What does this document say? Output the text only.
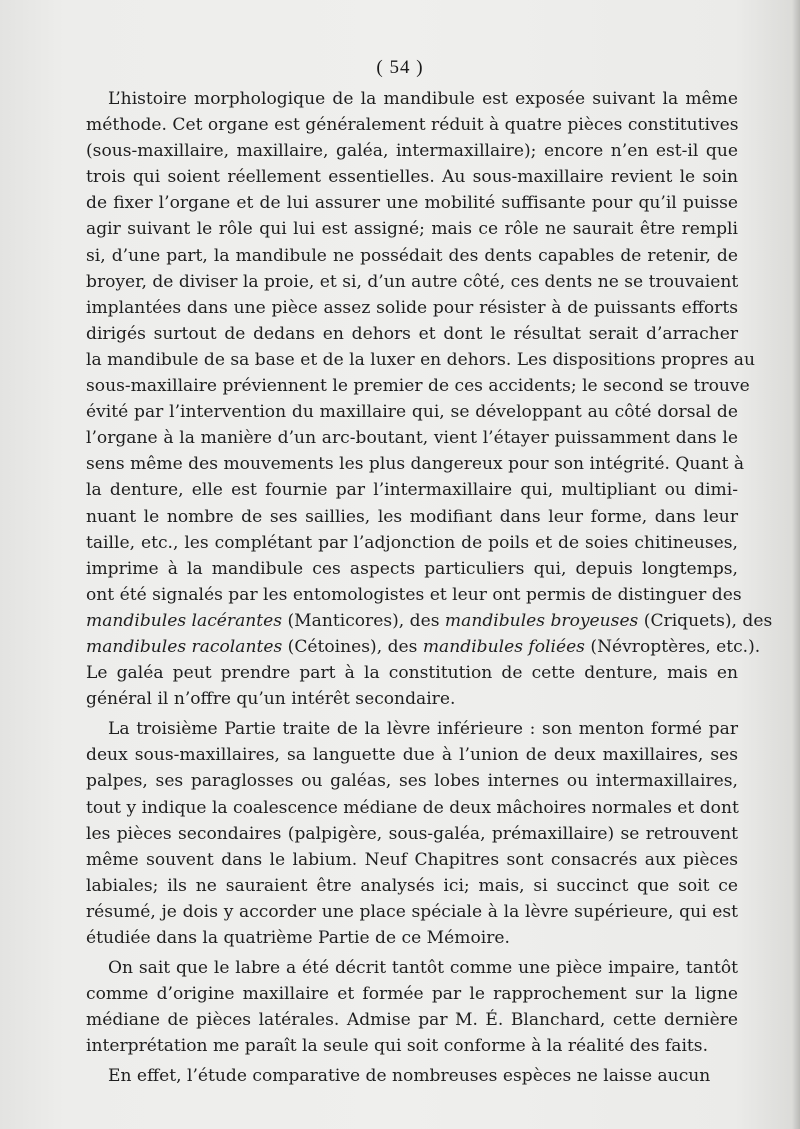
( 54 )
L’histoire morphologique de la mandibule est exposée suivant la même
méthode. Cet organe est généralement réduit à quatre pièces constitutives
(sous-maxillaire, maxillaire, galéa, intermaxillaire); encore n’en est-il que
trois qui soient réellement essentielles. Au sous-maxillaire revient le soin
de fixer l’organe et de lui assurer une mobilité suffisante pour qu’il puisse
agir suivant le rôle qui lui est assigné; mais ce rôle ne saurait être rempli
si, d’une part, la mandibule ne possédait des dents capables de retenir, de
broyer, de diviser la proie, et si, d’un autre côté, ces dents ne se trouvaient
implantées dans une pièce assez solide pour résister à de puissants efforts
dirigés surtout de dedans en dehors et dont le résultat serait d’arracher
la mandibule de sa base et de la luxer en dehors. Les dispositions propres au
sous-maxillaire préviennent le premier de ces accidents; le second se trouve
évité par l’intervention du maxillaire qui, se développant au côté dorsal de
l’organe à la manière d’un arc-boutant, vient l’étayer puissamment dans le
sens même des mouvements les plus dangereux pour son intégrité. Quant à
la denture, elle est fournie par l’intermaxillaire qui, multipliant ou dimi-
nuant le nombre de ses saillies, les modifiant dans leur forme, dans leur
taille, etc., les complétant par l’adjonction de poils et de soies chitineuses,
imprime à la mandibule ces aspects particuliers qui, depuis longtemps,
ont été signalés par les entomologistes et leur ont permis de distinguer des
mandibules lacérantes (Manticores), des mandibules broyeuses (Criquets), des
mandibules racolantes (Cétoines), des mandibules foliées (Névroptères, etc.).
Le galéa peut prendre part à la constitution de cette denture, mais en
général il n’offre qu’un intérêt secondaire.
La troisième Partie traite de la lèvre inférieure : son menton formé par
deux sous-maxillaires, sa languette due à l’union de deux maxillaires, ses
palpes, ses paraglosses ou galéas, ses lobes internes ou intermaxillaires,
tout y indique la coalescence médiane de deux mâchoires normales et dont
les pièces secondaires (palpigère, sous-galéa, prémaxillaire) se retrouvent
même souvent dans le labium. Neuf Chapitres sont consacrés aux pièces
labiales; ils ne sauraient être analysés ici; mais, si succinct que soit ce
résumé, je dois y accorder une place spéciale à la lèvre supérieure, qui est
étudiée dans la quatrième Partie de ce Mémoire.
On sait que le labre a été décrit tantôt comme une pièce impaire, tantôt
comme d’origine maxillaire et formée par le rapprochement sur la ligne
médiane de pièces latérales. Admise par M. É. Blanchard, cette dernière
interprétation me paraît la seule qui soit conforme à la réalité des faits.
En effet, l’étude comparative de nombreuses espèces ne laisse aucun
